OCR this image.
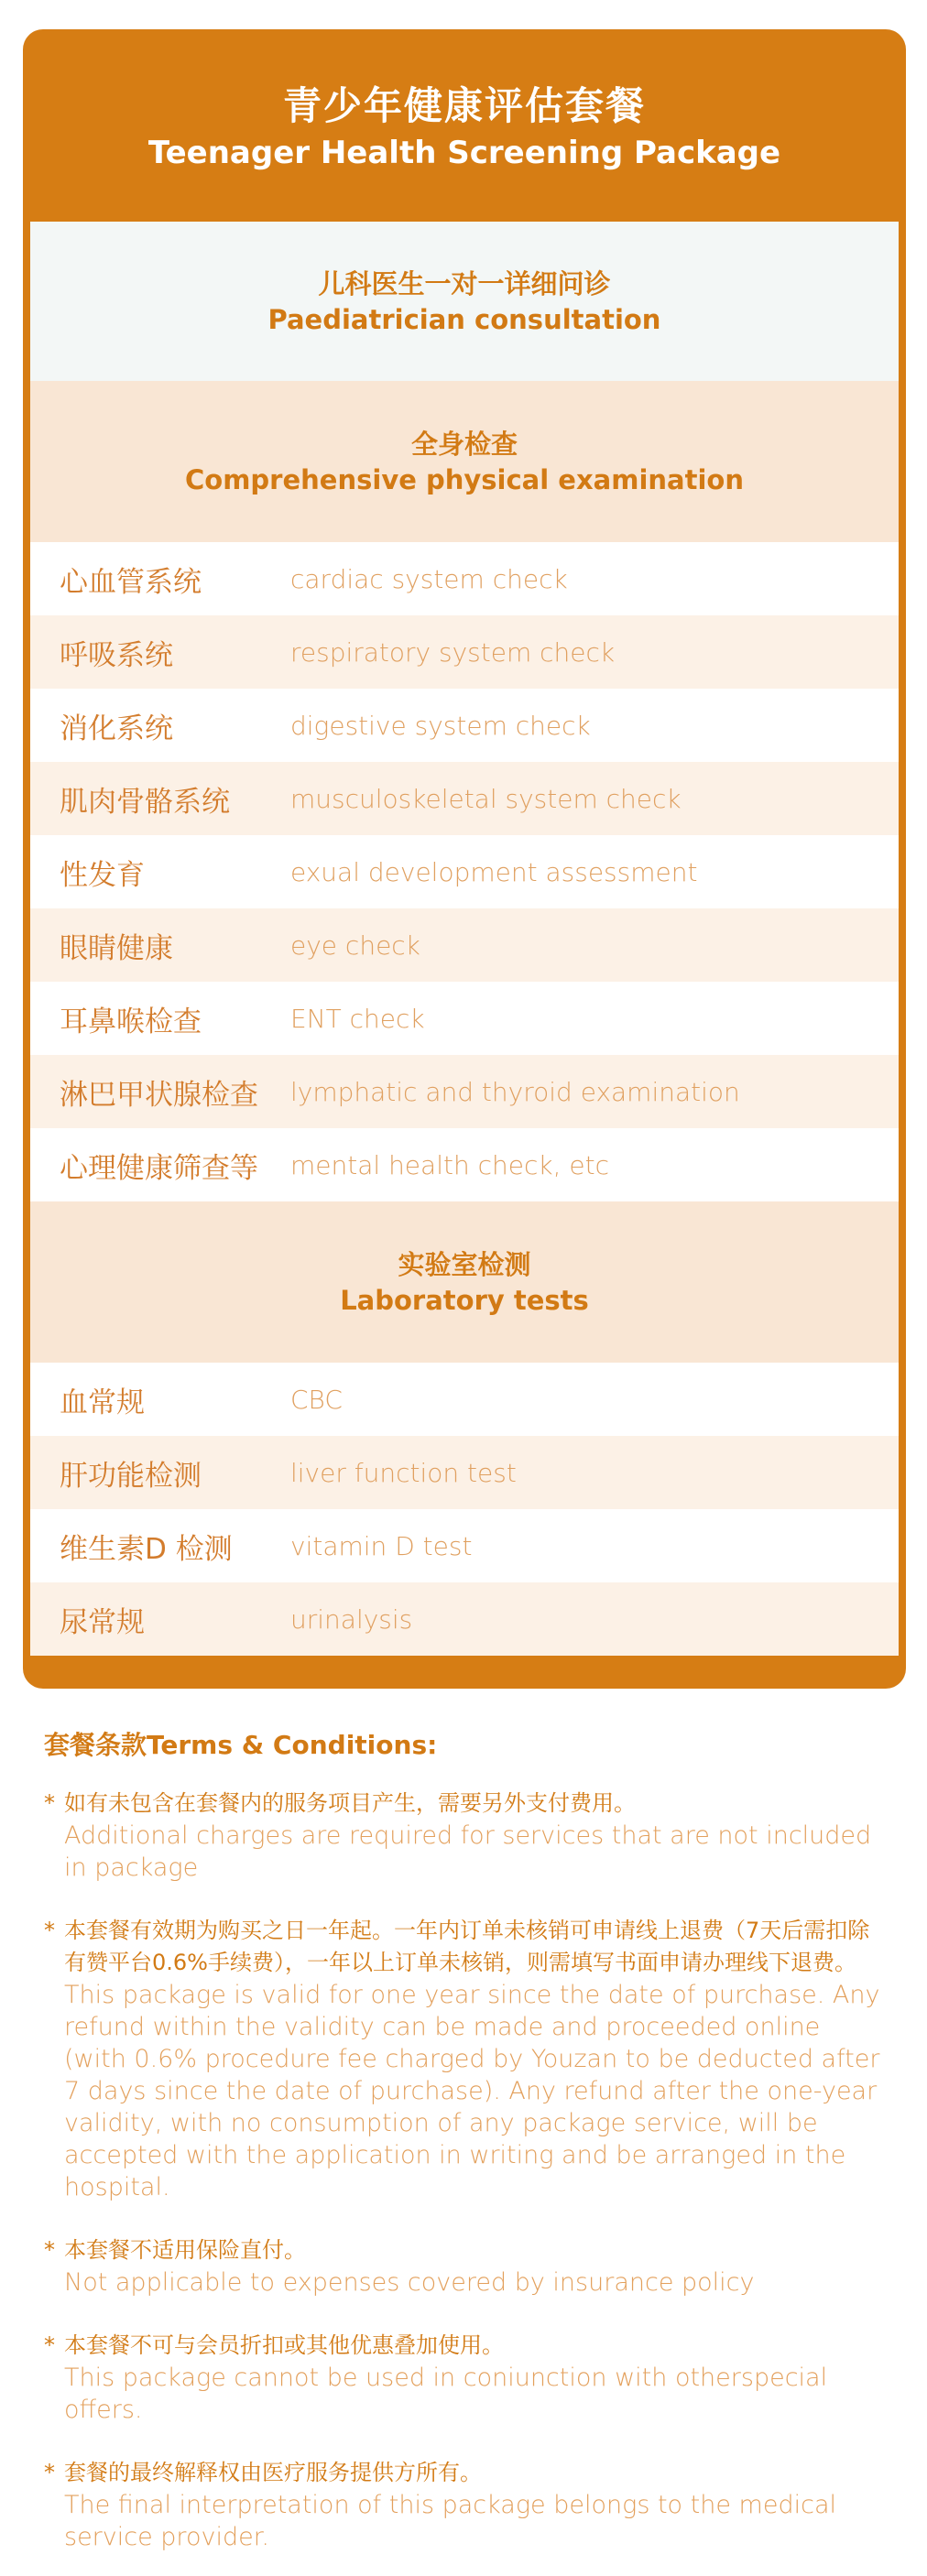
青少年健康评估套餐
Teenager Health Screening Package
儿科医生一对一详细问诊
Paediatrician consultation
全身检查
Comprehensive physical examination
心血管系统	cardiac system check
呼吸系统	respiratory system check
消化系统	digestive system check
肌肉骨骼系统	musculoskeletal system check
性发育	exual development assessment
眼睛健康	eye check
耳鼻喉检查	ENT check
淋巴甲状腺检查	lymphatic and thyroid examination
心理健康筛查等	mental health check, etc
实验室检测
Laboratory tests
血常规	CBC
肝功能检测	liver function test
维生素D 检测	vitamin D test
尿常规	urinalysis
套餐条款Terms & Conditions:
* 如有未包含在套餐内的服务项目产生，需要另外支付费用。
Additional charges are required for services that are not included in package
* 本套餐有效期为购买之日一年起。一年内订单未核销可申请线上退费（7天后需扣除有赞平台0.6%手续费），一年以上订单未核销，则需填写书面申请办理线下退费。
This package is valid for one year since the date of purchase. Any refund within the validity can be made and proceeded online (with 0.6% procedure fee charged by Youzan to be deducted after 7 days since the date of purchase). Any refund after the one-year validity, with no consumption of any package service, will be accepted with the application in writing and be arranged in the hospital.
* 本套餐不适用保险直付。
Not applicable to expenses covered by insurance policy
* 本套餐不可与会员折扣或其他优惠叠加使用。
This package cannot be used in coniunction with otherspecial offers.
* 套餐的最终解释权由医疗服务提供方所有。
The final interpretation of this package belongs to the medical service provider.
